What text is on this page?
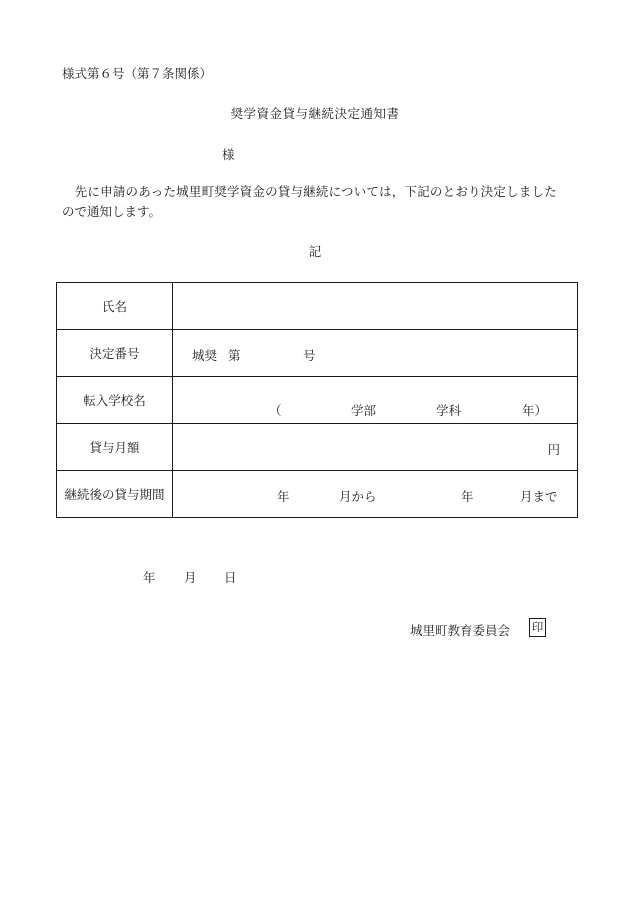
様式第６号（第７条関係）
奨学資金貸与継続決定通知書
様
　先に申請のあった城里町奨学資金の貸与継続については，下記のとおり決定しました
ので通知します。
記
氏名	
決定番号	城奨 第 号

転入学校名	（ 学部 学科 年）

貸与月額	円

継続後の貸与期間	年 月から 年 月まで
年 月 日
城里町教育委員会 印
